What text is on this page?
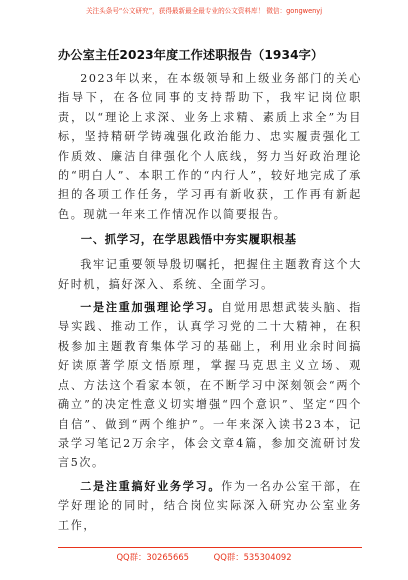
关注头条号“公文研究”，获得最新最全最专业的公文资料库！ 微信：gongwenyj
办公室主任2023年度工作述职报告（1934字）

2023年以来，在本级领导和上级业务部门的关心指导下，在各位同事的支持帮助下，我牢记岗位职责，以“理论上求深、业务上求精、素质上求全”为目标，坚持精研学铸魂强化政治能力、忠实履责强化工作质效、廉洁自律强化个人底线，努力当好政治理论的“明白人”、本职工作的“内行人”，较好地完成了承担的各项工作任务，学习再有新收获，工作再有新起色。现就一年来工作情况作以简要报告。

一、抓学习，在学思践悟中夯实履职根基

我牢记重要领导殷切嘱托，把握住主题教育这个大好时机，搞好深入、系统、全面学习。

一是注重加强理论学习。自觉用思想武装头脑、指导实践、推动工作，认真学习党的二十大精神，在积极参加主题教育集体学习的基础上，利用业余时间搞好读原著学原文悟原理，掌握马克思主义立场、观点、方法这个看家本领，在不断学习中深刻领会“两个确立”的决定性意义切实增强“四个意识”、坚定“四个自信”、做到“两个维护”。一年来深入读书23本，记录学习笔记2万余字，体会文章4篇，参加交流研讨发言5次。

二是注重搞好业务学习。作为一名办公室干部，在学好理论的同时，结合岗位实际深入研究办公室业务工作，

QQ群：30265665	QQ群：535304092
